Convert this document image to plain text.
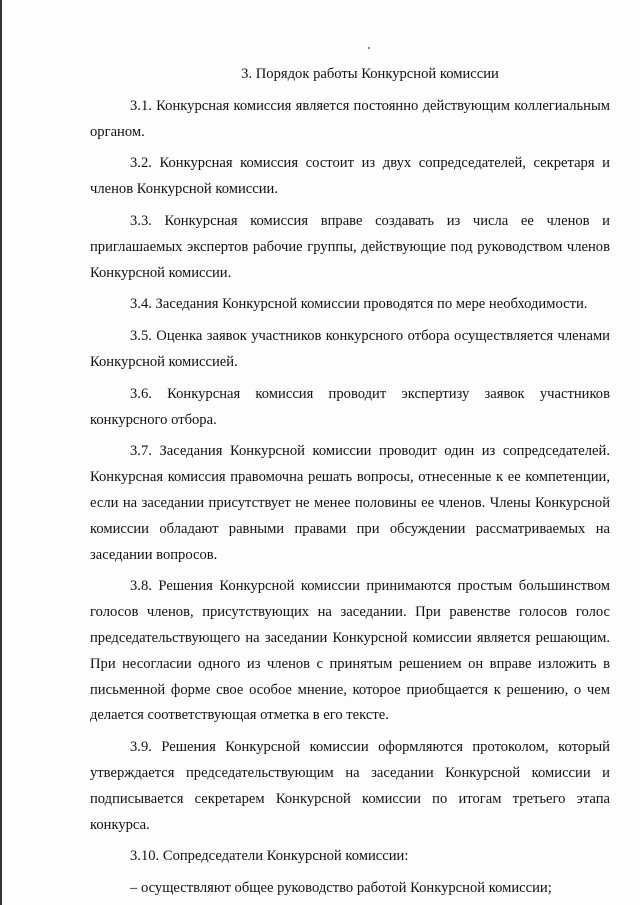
3. Порядок работы Конкурсной комиссии

3.1. Конкурсная комиссия является постоянно действующим коллегиальным органом.

3.2. Конкурсная комиссия состоит из двух сопредседателей, секретаря и членов Конкурсной комиссии.

3.3. Конкурсная комиссия вправе создавать из числа ее членов и приглашаемых экспертов рабочие группы, действующие под руководством членов Конкурсной комиссии.

3.4. Заседания Конкурсной комиссии проводятся по мере необходимости.

3.5. Оценка заявок участников конкурсного отбора осуществляется членами Конкурсной комиссией.

3.6. Конкурсная комиссия проводит экспертизу заявок участников конкурсного отбора.

3.7. Заседания Конкурсной комиссии проводит один из сопредседателей. Конкурсная комиссия правомочна решать вопросы, отнесенные к ее компетенции, если на заседании присутствует не менее половины ее членов. Члены Конкурсной комиссии обладают равными правами при обсуждении рассматриваемых на заседании вопросов.

3.8. Решения Конкурсной комиссии принимаются простым большинством голосов членов, присутствующих на заседании. При равенстве голосов голос председательствующего на заседании Конкурсной комиссии является решающим. При несогласии одного из членов с принятым решением он вправе изложить в письменной форме свое особое мнение, которое приобщается к решению, о чем делается соответствующая отметка в его тексте.

3.9. Решения Конкурсной комиссии оформляются протоколом, который утверждается председательствующим на заседании Конкурсной комиссии и подписывается секретарем Конкурсной комиссии по итогам третьего этапа конкурса.

3.10. Сопредседатели Конкурсной комиссии:

– осуществляют общее руководство работой Конкурсной комиссии;
